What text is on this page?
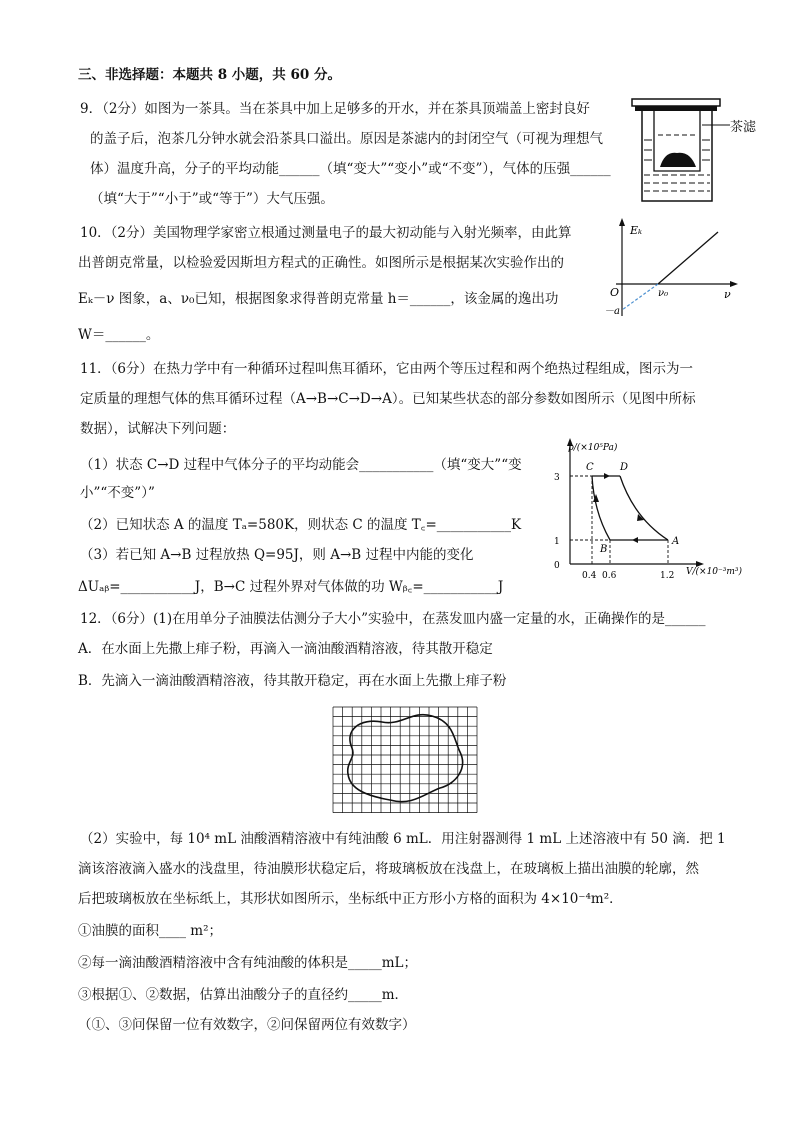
三、非选择题：本题共 8 小题，共 60 分。
9．（2分）如图为一茶具。当在茶具中加上足够多的开水，并在茶具顶端盖上密封良好
的盖子后，泡茶几分钟水就会沿茶具口溢出。原因是茶滤内的封闭空气（可视为理想气
体）温度升高，分子的平均动能______（填“变大”“变小”或“不变”），气体的压强______
（填“大于”“小于”或“等于”）大气压强。
茶滤
10．（2分）美国物理学家密立根通过测量电子的最大初动能与入射光频率，由此算
出普朗克常量，以检验爱因斯坦方程式的正确性。如图所示是根据某次实验作出的
Eₖ－ν 图象，a、ν₀已知，根据图象求得普朗克常量 h＝______，该金属的逸出功
W＝______。
Eₖ
ν
O	ν₀
－a
11．（6分）在热力学中有一种循环过程叫焦耳循环，它由两个等压过程和两个绝热过程组成，图示为一
定质量的理想气体的焦耳循环过程（A→B→C→D→A）。已知某些状态的部分参数如图所示（见图中所标
数据），试解决下列问题：
（1）状态 C→D 过程中气体分子的平均动能会___________（填“变大”“变
小”“不变”）”
（2）已知状态 A 的温度 Tₐ=580K，则状态 C 的温度 T꜀=___________K
（3）若已知 A→B 过程放热 Q=95J，则 A→B 过程中内能的变化
ΔUₐᵦ=___________J，B→C 过程外界对气体做的功 Wᵦ꜀=___________J
p/(×10⁵Pa)
V/(×10⁻³m³)
3
1
0
0.4 0.6	1.2
C	D
B
A
12．（6分）(1)在用单分子油膜法估测分子大小”实验中，在蒸发皿内盛一定量的水，正确操作的是______
A．在水面上先撒上痱子粉，再滴入一滴油酸酒精溶液，待其散开稳定
B．先滴入一滴油酸酒精溶液，待其散开稳定，再在水面上先撒上痱子粉
（2）实验中，每 10⁴ mL 油酸酒精溶液中有纯油酸 6 mL．用注射器测得 1 mL 上述溶液中有 50 滴．把 1
滴该溶液滴入盛水的浅盘里，待油膜形状稳定后，将玻璃板放在浅盘上，在玻璃板上描出油膜的轮廓，然
后把玻璃板放在坐标纸上，其形状如图所示，坐标纸中正方形小方格的面积为 4×10⁻⁴m²．
①油膜的面积____ m²；
②每一滴油酸酒精溶液中含有纯油酸的体积是_____mL；
③根据①、②数据，估算出油酸分子的直径约_____m．
（①、③问保留一位有效数字，②问保留两位有效数字）
